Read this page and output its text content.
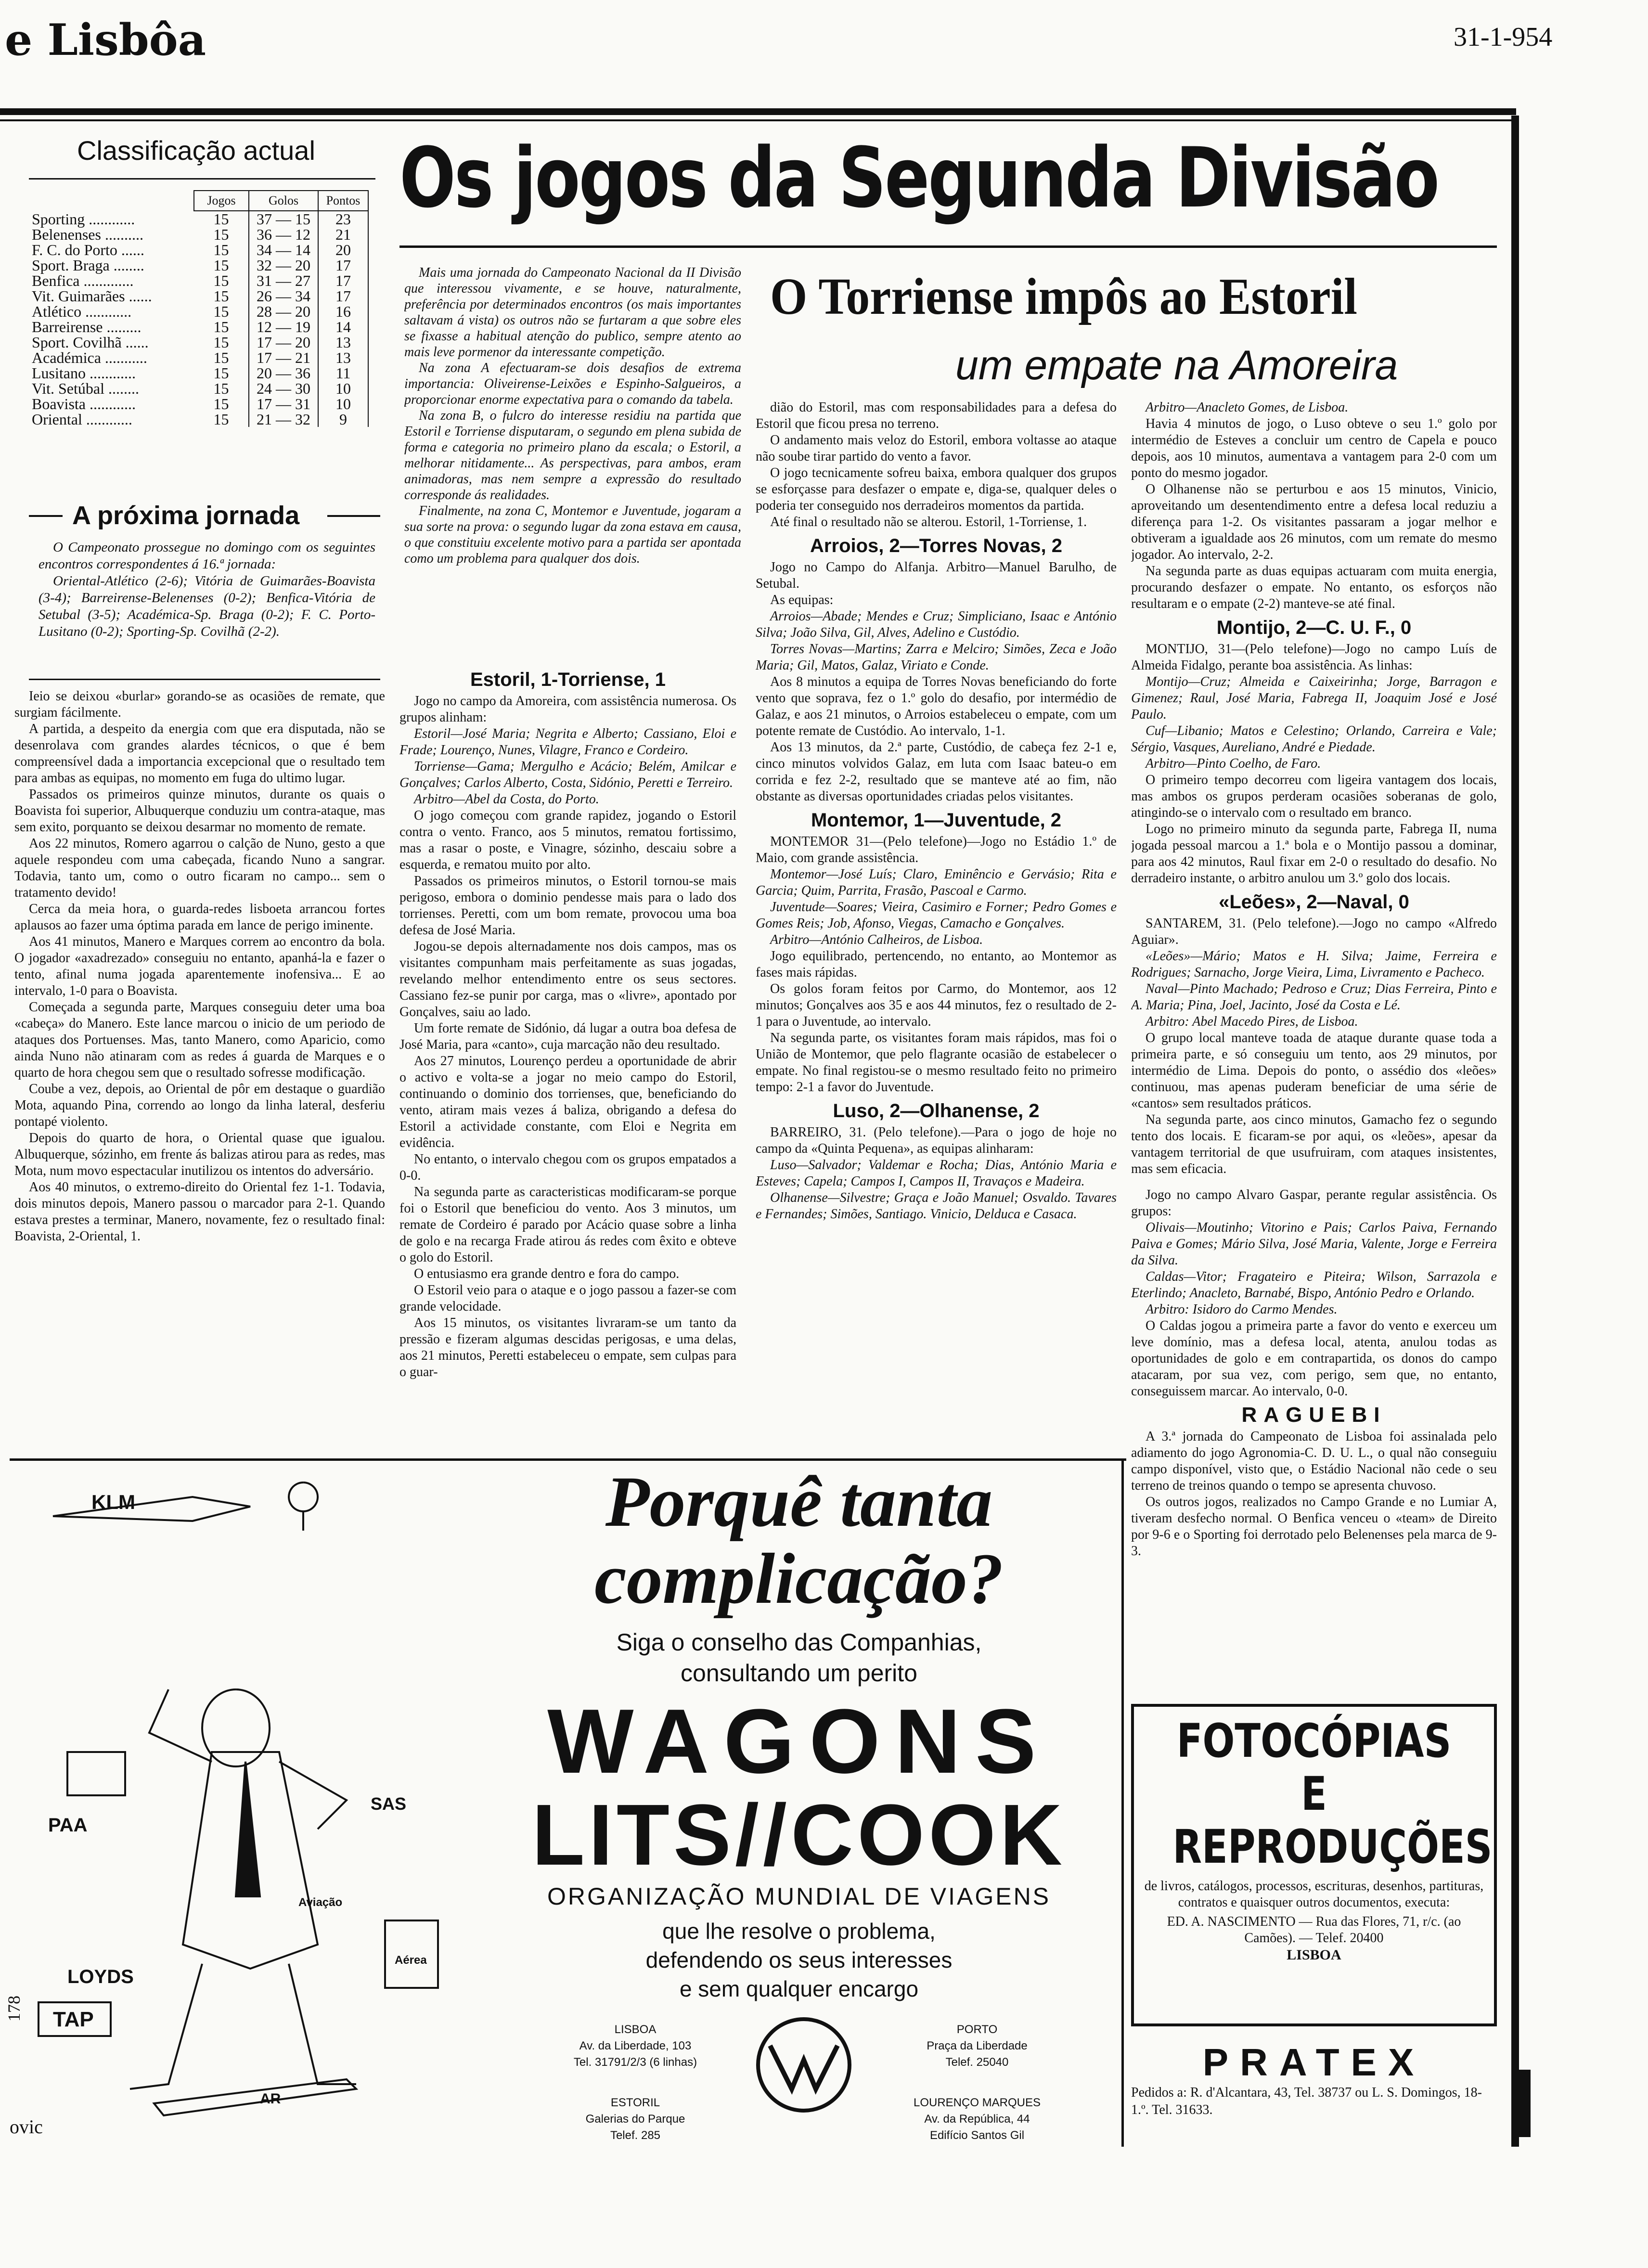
e Lisbôa	31-1-954
Classificação actual
	Jogos	Golos	Pontos
Sporting ............	15	37 — 15	23
Belenenses ..........	15	36 — 12	21
F. C. do Porto ......	15	34 — 14	20
Sport. Braga ........	15	32 — 20	17
Benfica .............	15	31 — 27	17
Vit. Guimarães ......	15	26 — 34	17
Atlético ............	15	28 — 20	16
Barreirense .........	15	12 — 19	14
Sport. Covilhã ......	15	17 — 20	13
Académica ...........	15	17 — 21	13
Lusitano ............	15	20 — 36	11
Vit. Setúbal ........	15	24 — 30	10
Boavista ............	15	17 — 31	10
Oriental ............	15	21 — 32	9
A próxima jornada

O Campeonato prossegue no domingo com os seguintes encontros correspondentes á 16.ª jornada:

Oriental-Atlético (2-6); Vitória de Guimarães-Boavista (3-4); Barreirense-Belenenses (0-2); Benfica-Vitória de Setubal (3-5); Académica-Sp. Braga (0-2); F. C. Porto-Lusitano (0-2); Sporting-Sp. Covilhã (2-2).

Os jogos da Segunda Divisão
O Torriense impôs ao Estoril
um empate na Amoreira

Mais uma jornada do Campeonato Nacional da II Divisão que interessou vivamente, e se houve, naturalmente, preferência por determinados encontros (os mais importantes saltavam á vista) os outros não se furtaram a que sobre eles se fixasse a habitual atenção do publico, sempre atento ao mais leve pormenor da interessante competição.

Na zona A efectuaram-se dois desafios de extrema importancia: Oliveirense-Leixões e Espinho-Salgueiros, a proporcionar enorme expectativa para o comando da tabela.

Na zona B, o fulcro do interesse residiu na partida que Estoril e Torriense disputaram, o segundo em plena subida de forma e categoria no primeiro plano da escala; o Estoril, a melhorar nitidamente... As perspectivas, para ambos, eram animadoras, mas nem sempre a expressão do resultado corresponde ás realidades.

Finalmente, na zona C, Montemor e Juventude, jogaram a sua sorte na prova: o segundo lugar da zona estava em causa, o que constituiu excelente motivo para a partida ser apontada como um problema para qualquer dos dois.

Ieio se deixou «burlar» gorando-se as ocasiões de remate, que surgiam fácilmente.

A partida, a despeito da energia com que era disputada, não se desenrolava com grandes alardes técnicos, o que é bem compreensível dada a importancia excepcional que o resultado tem para ambas as equipas, no momento em fuga do ultimo lugar.

Passados os primeiros quinze minutos, durante os quais o Boavista foi superior, Albuquerque conduziu um contra-ataque, mas sem exito, porquanto se deixou desarmar no momento de remate.

Aos 22 minutos, Romero agarrou o calção de Nuno, gesto a que aquele respondeu com uma cabeçada, ficando Nuno a sangrar. Todavia, tanto um, como o outro ficaram no campo... sem o tratamento devido!

Cerca da meia hora, o guarda-redes lisboeta arrancou fortes aplausos ao fazer uma óptima parada em lance de perigo iminente.

Aos 41 minutos, Manero e Marques correm ao encontro da bola. O jogador «axadrezado» conseguiu no entanto, apanhá-la e fazer o tento, afinal numa jogada aparentemente inofensiva... E ao intervalo, 1-0 para o Boavista.

Começada a segunda parte, Marques conseguiu deter uma boa «cabeça» do Manero. Este lance marcou o inicio de um periodo de ataques dos Portuenses. Mas, tanto Manero, como Aparicio, como ainda Nuno não atinaram com as redes á guarda de Marques e o quarto de hora chegou sem que o resultado sofresse modificação.

Coube a vez, depois, ao Oriental de pôr em destaque o guardião Mota, aquando Pina, correndo ao longo da linha lateral, desferiu pontapé violento.

Depois do quarto de hora, o Oriental quase que igualou. Albuquerque, sózinho, em frente ás balizas atirou para as redes, mas Mota, num movo espectacular inutilizou os intentos do adversário.

Aos 40 minutos, o extremo-direito do Oriental fez 1-1. Todavia, dois minutos depois, Manero passou o marcador para 2-1. Quando estava prestes a terminar, Manero, novamente, fez o resultado final: Boavista, 2-Oriental, 1.

Estoril, 1-Torriense, 1

Jogo no campo da Amoreira, com assistência numerosa. Os grupos alinham:

Estoril—José Maria; Negrita e Alberto; Cassiano, Eloi e Frade; Lourenço, Nunes, Vilagre, Franco e Cordeiro.

Torriense—Gama; Mergulho e Acácio; Belém, Amilcar e Gonçalves; Carlos Alberto, Costa, Sidónio, Peretti e Terreiro.

Arbitro—Abel da Costa, do Porto.

O jogo começou com grande rapidez, jogando o Estoril contra o vento. Franco, aos 5 minutos, rematou fortissimo, mas a rasar o poste, e Vinagre, sózinho, descaiu sobre a esquerda, e rematou muito por alto.

Passados os primeiros minutos, o Estoril tornou-se mais perigoso, embora o dominio pendesse mais para o lado dos torrienses. Peretti, com um bom remate, provocou uma boa defesa de José Maria.

Jogou-se depois alternadamente nos dois campos, mas os visitantes compunham mais perfeitamente as suas jogadas, revelando melhor entendimento entre os seus sectores. Cassiano fez-se punir por carga, mas o «livre», apontado por Gonçalves, saiu ao lado.

Um forte remate de Sidónio, dá lugar a outra boa defesa de José Maria, para «canto», cuja marcação não deu resultado.

Aos 27 minutos, Lourenço perdeu a oportunidade de abrir o activo e volta-se a jogar no meio campo do Estoril, continuando o dominio dos torrienses, que, beneficiando do vento, atiram mais vezes á baliza, obrigando a defesa do Estoril a actividade constante, com Eloi e Negrita em evidência.

No entanto, o intervalo chegou com os grupos empatados a 0-0.

Na segunda parte as caracteristicas modificaram-se porque foi o Estoril que beneficiou do vento. Aos 3 minutos, um remate de Cordeiro é parado por Acácio quase sobre a linha de golo e na recarga Frade atirou ás redes com êxito e obteve o golo do Estoril.

O entusiasmo era grande dentro e fora do campo.

O Estoril veio para o ataque e o jogo passou a fazer-se com grande velocidade.

Aos 15 minutos, os visitantes livraram-se um tanto da pressão e fizeram algumas descidas perigosas, e uma delas, aos 21 minutos, Peretti estabeleceu o empate, sem culpas para o guar-

dião do Estoril, mas com responsabilidades para a defesa do Estoril que ficou presa no terreno.

O andamento mais veloz do Estoril, embora voltasse ao ataque não soube tirar partido do vento a favor.

O jogo tecnicamente sofreu baixa, embora qualquer dos grupos se esforçasse para desfazer o empate e, diga-se, qualquer deles o poderia ter conseguido nos derradeiros momentos da partida.

Até final o resultado não se alterou. Estoril, 1-Torriense, 1.

Arroios, 2—Torres Novas, 2

Jogo no Campo do Alfanja. Arbitro—Manuel Barulho, de Setubal.

As equipas:

Arroios—Abade; Mendes e Cruz; Simpliciano, Isaac e António Silva; João Silva, Gil, Alves, Adelino e Custódio.

Torres Novas—Martins; Zarra e Melciro; Simões, Zeca e João Maria; Gil, Matos, Galaz, Viriato e Conde.

Aos 8 minutos a equipa de Torres Novas beneficiando do forte vento que soprava, fez o 1.º golo do desafio, por intermédio de Galaz, e aos 21 minutos, o Arroios estabeleceu o empate, com um potente remate de Custódio. Ao intervalo, 1-1.

Aos 13 minutos, da 2.ª parte, Custódio, de cabeça fez 2-1 e, cinco minutos volvidos Galaz, em luta com Isaac bateu-o em corrida e fez 2-2, resultado que se manteve até ao fim, não obstante as diversas oportunidades criadas pelos visitantes.

Montemor, 1—Juventude, 2

MONTEMOR 31—(Pelo telefone)—Jogo no Estádio 1.º de Maio, com grande assistência.

Montemor—José Luís; Claro, Eminêncio e Gervásio; Rita e Garcia; Quim, Parrita, Frasão, Pascoal e Carmo.

Juventude—Soares; Vieira, Casimiro e Forner; Pedro Gomes e Gomes Reis; Job, Afonso, Viegas, Camacho e Gonçalves.

Arbitro—António Calheiros, de Lisboa.

Jogo equilibrado, pertencendo, no entanto, ao Montemor as fases mais rápidas.

Os golos foram feitos por Carmo, do Montemor, aos 12 minutos; Gonçalves aos 35 e aos 44 minutos, fez o resultado de 2-1 para o Juventude, ao intervalo.

Na segunda parte, os visitantes foram mais rápidos, mas foi o União de Montemor, que pelo flagrante ocasião de estabelecer o empate. No final registou-se o mesmo resultado feito no primeiro tempo: 2-1 a favor do Juventude.

Luso, 2—Olhanense, 2

BARREIRO, 31. (Pelo telefone).—Para o jogo de hoje no campo da «Quinta Pequena», as equipas alinharam:

Luso—Salvador; Valdemar e Rocha; Dias, António Maria e Esteves; Capela; Campos I, Campos II, Travaços e Madeira.

Olhanense—Silvestre; Graça e João Manuel; Osvaldo. Tavares e Fernandes; Simões, Santiago. Vinicio, Delduca e Casaca.

Arbitro—Anacleto Gomes, de Lisboa.

Havia 4 minutos de jogo, o Luso obteve o seu 1.º golo por intermédio de Esteves a concluir um centro de Capela e pouco depois, aos 10 minutos, aumentava a vantagem para 2-0 com um ponto do mesmo jogador.

O Olhanense não se perturbou e aos 15 minutos, Vinicio, aproveitando um desentendimento entre a defesa local reduziu a diferença para 1-2. Os visitantes passaram a jogar melhor e obtiveram a igualdade aos 26 minutos, com um remate do mesmo jogador. Ao intervalo, 2-2.

Na segunda parte as duas equipas actuaram com muita energia, procurando desfazer o empate. No entanto, os esforços não resultaram e o empate (2-2) manteve-se até final.

Montijo, 2—C. U. F., 0

MONTIJO, 31—(Pelo telefone)—Jogo no campo Luís de Almeida Fidalgo, perante boa assistência. As linhas:

Montijo—Cruz; Almeida e Caixeirinha; Jorge, Barragon e Gimenez; Raul, José Maria, Fabrega II, Joaquim José e José Paulo.

Cuf—Libanio; Matos e Celestino; Orlando, Carreira e Vale; Sérgio, Vasques, Aureliano, André e Piedade.

Arbitro—Pinto Coelho, de Faro.

O primeiro tempo decorreu com ligeira vantagem dos locais, mas ambos os grupos perderam ocasiões soberanas de golo, atingindo-se o intervalo com o resultado em branco.

Logo no primeiro minuto da segunda parte, Fabrega II, numa jogada pessoal marcou a 1.ª bola e o Montijo passou a dominar, para aos 42 minutos, Raul fixar em 2-0 o resultado do desafio. No derradeiro instante, o arbitro anulou um 3.º golo dos locais.

«Leões», 2—Naval, 0

SANTAREM, 31. (Pelo telefone).—Jogo no campo «Alfredo Aguiar».

«Leões»—Mário; Matos e H. Silva; Jaime, Ferreira e Rodrigues; Sarnacho, Jorge Vieira, Lima, Livramento e Pacheco.

Naval—Pinto Machado; Pedroso e Cruz; Dias Ferreira, Pinto e A. Maria; Pina, Joel, Jacinto, José da Costa e Lé.

Arbitro: Abel Macedo Pires, de Lisboa.

O grupo local manteve toada de ataque durante quase toda a primeira parte, e só conseguiu um tento, aos 29 minutos, por intermédio de Lima. Depois do ponto, o assédio dos «leões» continuou, mas apenas puderam beneficiar de uma série de «cantos» sem resultados práticos.

Na segunda parte, aos cinco minutos, Gamacho fez o segundo tento dos locais. E ficaram-se por aqui, os «leões», apesar da vantagem territorial de que usufruiram, com ataques insistentes, mas sem eficacia.

Jogo no campo Alvaro Gaspar, perante regular assistência. Os grupos:

Olivais—Moutinho; Vitorino e Pais; Carlos Paiva, Fernando Paiva e Gomes; Mário Silva, José Maria, Valente, Jorge e Ferreira da Silva.

Caldas—Vitor; Fragateiro e Piteira; Wilson, Sarrazola e Eterlindo; Anacleto, Barnabé, Bispo, António Pedro e Orlando.

Arbitro: Isidoro do Carmo Mendes.

O Caldas jogou a primeira parte a favor do vento e exerceu um leve domínio, mas a defesa local, atenta, anulou todas as oportunidades de golo e em contrapartida, os donos do campo atacaram, por sua vez, com perigo, sem que, no entanto, conseguissem marcar. Ao intervalo, 0-0.

RAGUEBI

A 3.ª jornada do Campeonato de Lisboa foi assinalada pelo adiamento do jogo Agronomia-C. D. U. L., o qual não conseguiu campo disponível, visto que, o Estádio Nacional não cede o seu terreno de treinos quando o tempo se apresenta chuvoso.

Os outros jogos, realizados no Campo Grande e no Lumiar A, tiveram desfecho normal. O Benfica venceu o «team» de Direito por 9-6 e o Sporting foi derrotado pelo Belenenses pela marca de 9-3.

KLM
PAA
SAS
LOYDS
TAP
AR
Aviação
Aérea
178
ovic
Porquê tanta
complicação?
Siga o conselho das Companhias,
consultando um perito
WAGONS
LITS//COOK
ORGANIZAÇÃO MUNDIAL DE VIAGENS
que lhe resolve o problema,
defendendo os seus interesses
e sem qualquer encargo
LISBOA
Av. da Liberdade, 103
Tel. 31791/2/3 (6 linhas)
ESTORIL
Galerias do Parque
Telef. 285
PORTO
Praça da Liberdade
Telef. 25040
LOURENÇO MARQUES
Av. da República, 44
Edifício Santos Gil
FOTOCÓPIAS E
REPRODUÇÕES
de livros, catálogos, processos, escrituras, desenhos, partituras, contratos e quaisquer outros documentos, executa:
ED. A. NASCIMENTO — Rua das Flores, 71, r/c. (ao Camões). — Telef. 20400
LISBOA
PRATEX
Pedidos a: R. d'Alcantara, 43, Tel. 38737 ou L. S. Domingos, 18-1.º. Tel. 31633.
